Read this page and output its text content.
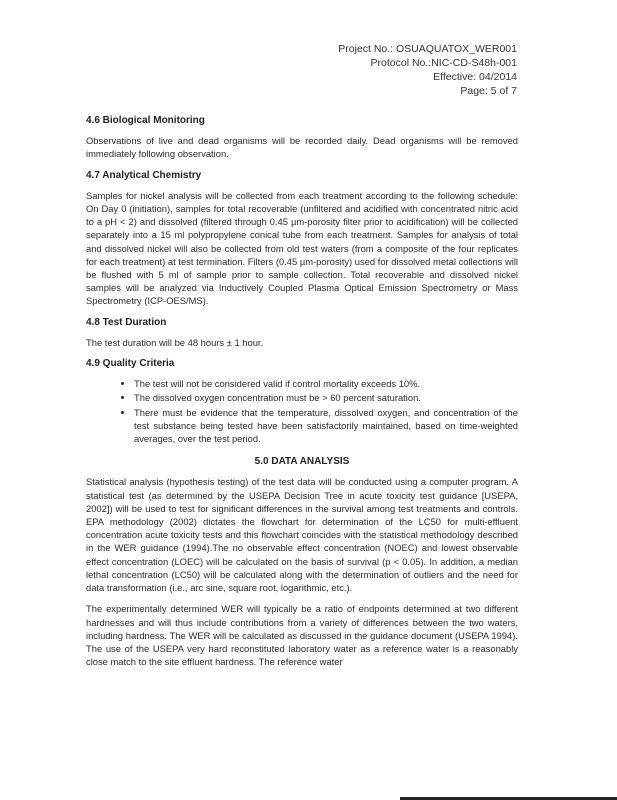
Project No.: OSUAQUATOX_WER001
Protocol No.:NIC-CD-S48h-001
Effective: 04/2014
Page: 5 of 7
4.6 Biological Monitoring

Observations of live and dead organisms will be recorded daily. Dead organisms will be removed immediately following observation.

4.7 Analytical Chemistry

Samples for nickel analysis will be collected from each treatment according to the following schedule: On Day 0 (initiation), samples for total recoverable (unfiltered and acidified with concentrated nitric acid to a pH < 2) and dissolved (filtered through 0.45 µm-porosity filter prior to acidification) will be collected separately into a 15 ml polypropylene conical tube from each treatment. Samples for analysis of total and dissolved nickel will also be collected from old test waters (from a composite of the four replicates for each treatment) at test termination. Filters (0.45 µm-porosity) used for dissolved metal collections will be flushed with 5 ml of sample prior to sample collection. Total recoverable and dissolved nickel samples will be analyzed via Inductively Coupled Plasma Optical Emission Spectrometry or Mass Spectrometry (ICP-OES/MS).

4.8 Test Duration

The test duration will be 48 hours ± 1 hour.

4.9 Quality Criteria
• The test will not be considered valid if control mortality exceeds 10%.
• The dissolved oxygen concentration must be > 60 percent saturation.
• There must be evidence that the temperature, dissolved oxygen, and concentration of the test substance being tested have been satisfactorily maintained, based on time-weighted averages, over the test period.
5.0 DATA ANALYSIS

Statistical analysis (hypothesis testing) of the test data will be conducted using a computer program. A statistical test (as determined by the USEPA Decision Tree in acute toxicity test guidance [USEPA, 2002]) will be used to test for significant differences in the survival among test treatments and controls. EPA methodology (2002) dictates the flowchart for determination of the LC50 for multi-effluent concentration acute toxicity tests and this flowchart coincides with the statistical methodology described in the WER guidance (1994).The no observable effect concentration (NOEC) and lowest observable effect concentration (LOEC) will be calculated on the basis of survival (p < 0.05). In addition, a median lethal concentration (LC50) will be calculated along with the determination of outliers and the need for data transformation (i.e., arc sine, square root, logarithmic, etc.).

The experimentally determined WER will typically be a ratio of endpoints determined at two different hardnesses and will thus include contributions from a variety of differences between the two waters, including hardness. The WER will be calculated as discussed in the guidance document (USEPA 1994). The use of the USEPA very hard reconstituted laboratory water as a reference water is a reasonably close match to the site effluent hardness. The reference water
